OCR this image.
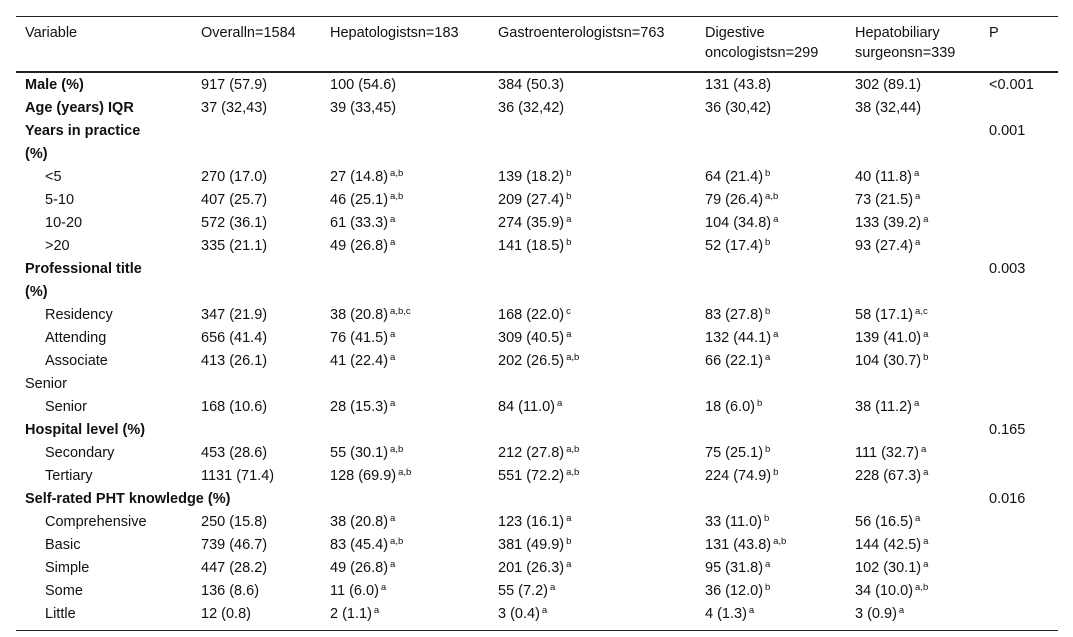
Variable	Overalln=1584	Hepatologistsn=183	Gastroenterologistsn=763	Digestive oncologistsn=299	Hepatobiliary surgeonsn=339	P
Male (%)	917 (57.9)	100 (54.6)	384 (50.3)	131 (43.8)	302 (89.1)	<0.001
Age (years) IQR	37 (32,43)	39 (33,45)	36 (32,42)	36 (30,42)	38 (32,44)	
Years in practice						0.001
(%)						
<5	270 (17.0)	27 (14.8) $^{a,b}$	139 (18.2) $^b$	64 (21.4) $^b$	40 (11.8) $^a$	
5-10	407 (25.7)	46 (25.1) $^{a,b}$	209 (27.4) $^b$	79 (26.4) $^{a,b}$	73 (21.5) $^a$	
10-20	572 (36.1)	61 (33.3) $^a$	274 (35.9) $^a$	104 (34.8) $^a$	133 (39.2) $^a$	
>20	335 (21.1)	49 (26.8) $^a$	141 (18.5) $^b$	52 (17.4) $^b$	93 (27.4) $^a$	
Professional title						0.003
(%)						
Residency	347 (21.9)	38 (20.8) $^{a,b,c}$	168 (22.0) $^c$	83 (27.8) $^b$	58 (17.1) $^{a,c}$	
Attending	656 (41.4)	76 (41.5) $^a$	309 (40.5) $^a$	132 (44.1) $^a$	139 (41.0) $^a$	
Associate	413 (26.1)	41 (22.4) $^a$	202 (26.5) $^{a,b}$	66 (22.1) $^a$	104 (30.7) $^b$	
Senior						
Senior	168 (10.6)	28 (15.3) $^a$	84 (11.0) $^a$	18 (6.0) $^b$	38 (11.2) $^a$	
Hospital level (%)						0.165
Secondary	453 (28.6)	55 (30.1) $^{a,b}$	212 (27.8) $^{a,b}$	75 (25.1) $^b$	111 (32.7) $^a$	
Tertiary	1131 (71.4)	128 (69.9) $^{a,b}$	551 (72.2) $^{a,b}$	224 (74.9) $^b$	228 (67.3) $^a$	
Self-rated PHT knowledge (%)						0.016
Comprehensive	250 (15.8)	38 (20.8) $^a$	123 (16.1) $^a$	33 (11.0) $^b$	56 (16.5) $^a$	
Basic	739 (46.7)	83 (45.4) $^{a,b}$	381 (49.9) $^b$	131 (43.8) $^{a,b}$	144 (42.5) $^a$	
Simple	447 (28.2)	49 (26.8) $^a$	201 (26.3) $^a$	95 (31.8) $^a$	102 (30.1) $^a$	
Some	136 (8.6)	11 (6.0) $^a$	55 (7.2) $^a$	36 (12.0) $^b$	34 (10.0) $^{a,b}$	
Little	12 (0.8)	2 (1.1) $^a$	3 (0.4) $^a$	4 (1.3) $^a$	3 (0.9) $^a$	
